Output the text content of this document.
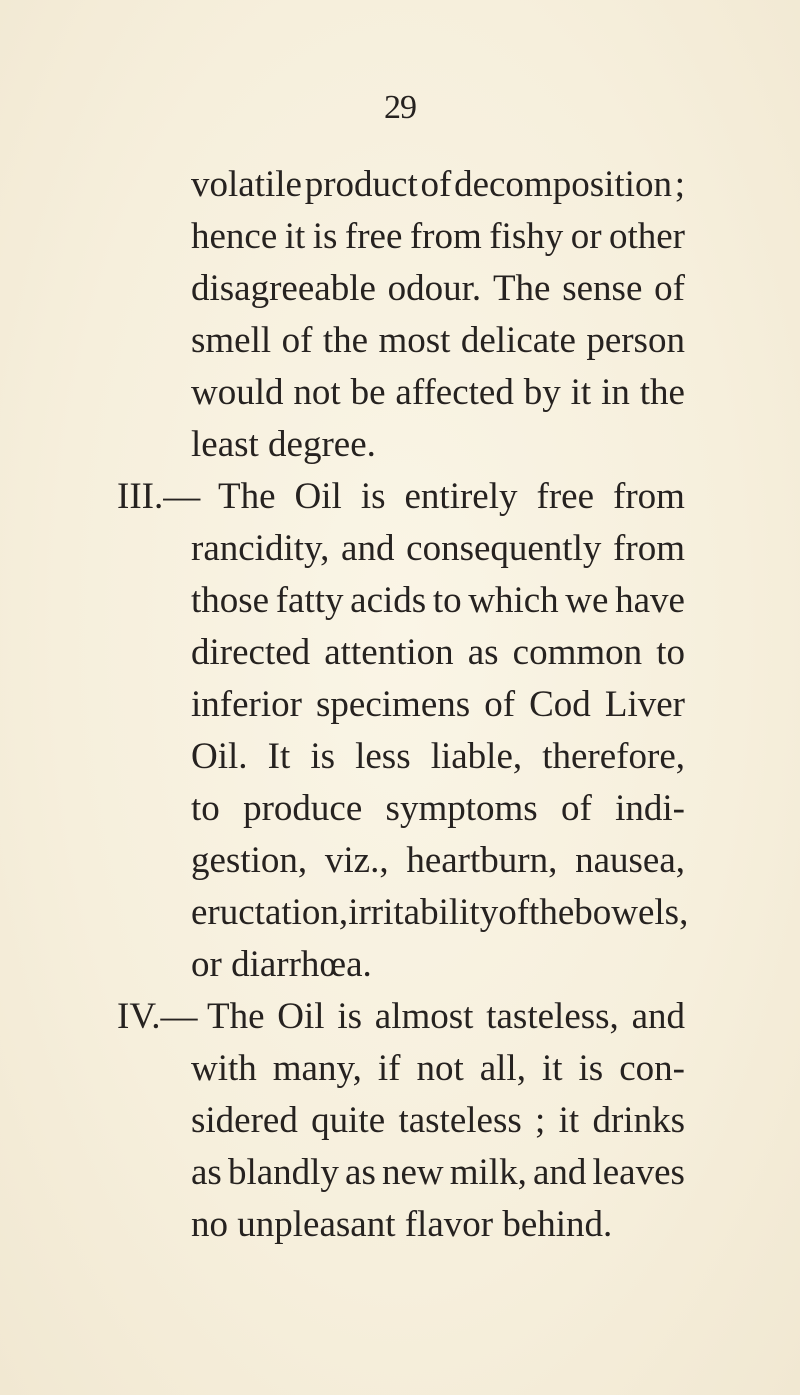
29
volatile product of decomposition ;
hence it is free from fishy or other
disagreeable odour. The sense of
smell of the most delicate person
would not be affected by it in the
least degree.
III.— The Oil is entirely free from
rancidity, and consequently from
those fatty acids to which we have
directed attention as common to
inferior specimens of Cod Liver
Oil. It is less liable, therefore,
to produce symptoms of indi-
gestion, viz., heartburn, nausea,
eructation, irritability of the bowels,
or diarrhœa.
IV.— The Oil is almost tasteless, and
with many, if not all, it is con-
sidered quite tasteless ; it drinks
as blandly as new milk, and leaves
no unpleasant flavor behind.
